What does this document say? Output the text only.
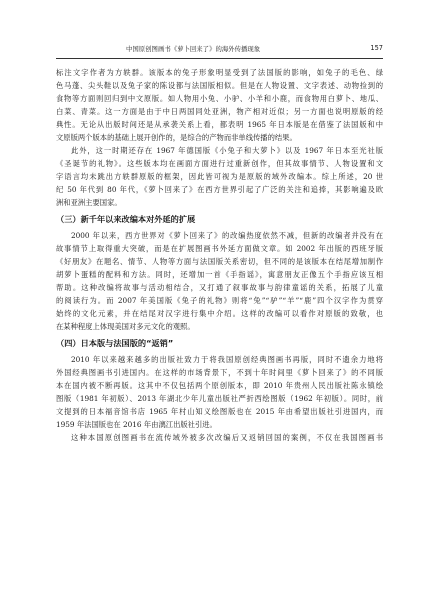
中国原创图画书《萝卜回来了》的海外传播现象	157
标注文字作者为方轶群。该版本的兔子形象明显受到了法国版的影响，如兔子的毛色、绿
色马蓬、尖头鞋以及兔子家的陈设都与法国版相似。但是在人物设置、文字表述、动物捡到的
食物等方面则回归到中文原版。如人物用小兔、小驴、小羊和小鹿，而食物用白萝卜、地瓜、
白菜、青菜。这一方面是由于中日两国同处亚洲，物产相对近似；另一方面也说明原版的经
典性。无论从出版时间还是从承袭关系上看，都表明 1965 年日本版是在借鉴了法国版和中
文原版两个版本的基础上展开创作的，是综合的产物而非单线传播的结果。
此外，这一时期还存在 1967 年德国版《小兔子和大萝卜》以及 1967 年日本至光社版
《圣诞节的礼物》。这些版本均在画面方面进行过重新创作，但其故事情节、人物设置和文
字语言均未跳出方轶群原版的框架，因此皆可视为是原版的域外改编本。综上所述，20 世
纪 50 年代到 80 年代，《萝卜回来了》在西方世界引起了广泛的关注和追捧，其影响遍及欧
洲和亚洲主要国家。
（三）新千年以来改编本对外延的扩展
2000 年以来，西方世界对《萝卜回来了》的改编热度依然不减，但新的改编者并没有在
故事情节上取得重大突破，而是在扩展图画书外延方面做文章。如 2002 年出版的西班牙版
《好朋友》在题名、情节、人物等方面与法国版关系密切，但不同的是该版本在结尾增加制作
胡萝卜蛋糕的配料和方法。同时，还增加一首《手指谣》，寓意朋友正像五个手指应该互相
帮助。这种改编将故事与活动相结合，又打通了叙事故事与韵律童谣的关系，拓展了儿童
的阅读行为。而 2007 年美国版《兔子的礼物》则将“兔”“驴”“羊”“鹿”四个汉字作为贯穿
始终的文化元素，并在结尾对汉字进行集中介绍。这样的改编可以看作对原版的致敬，也
在某种程度上体现美国对多元文化的观照。
（四）日本版与法国版的“返销”
2010 年以来越来越多的出版社致力于将我国原创经典图画书再版，同时不遗余力地将
外国经典图画书引进国内。在这样的市场背景下，不到十年时间里《萝卜回来了》的不同版
本在国内被不断再版。这其中不仅包括两个原创版本，即 2010 年贵州人民出版社陈永镇绘
图版（1981 年初版）、2013 年湖北少年儿童出版社严折西绘图版（1962 年初版）。同时，前
文提到的日本福音馆书店 1965 年村山知义绘图版也在 2015 年由希望出版社引进国内，而
1959 年法国版也在 2016 年由漓江出版社引进。
这种本国原创图画书在流传域外被多次改编后又返销回国的案例，不仅在我国图画书
